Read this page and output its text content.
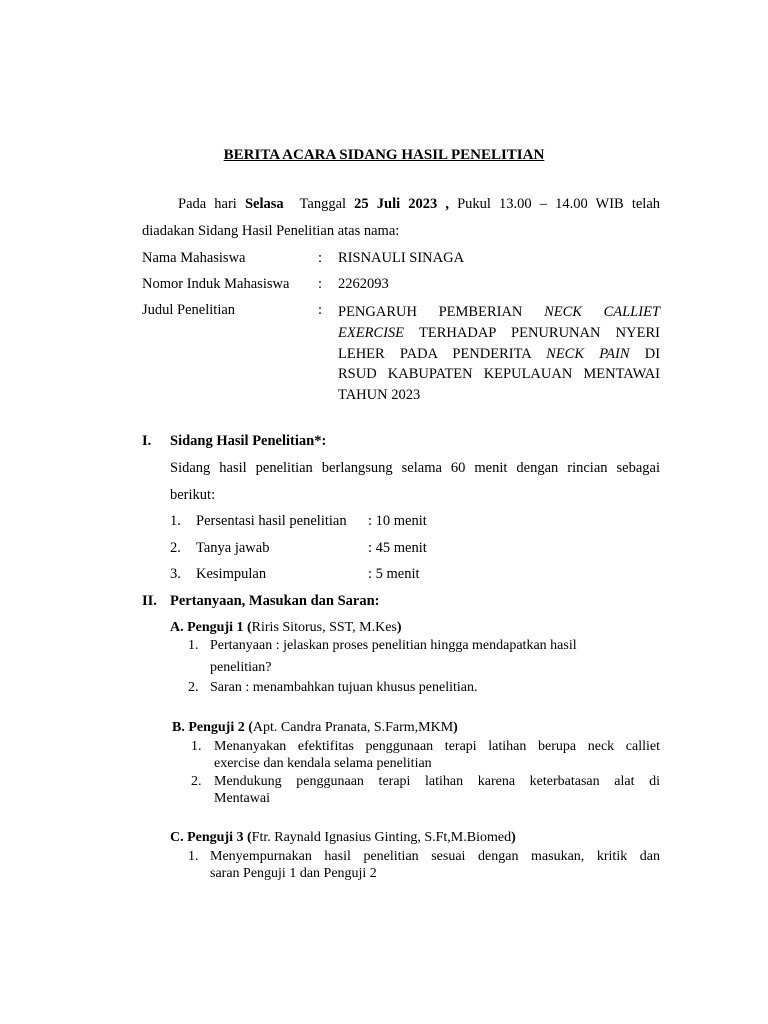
BERITA ACARA SIDANG HASIL PENELITIAN
Pada hari Selasa Tanggal 25 Juli 2023 , Pukul 13.00 – 14.00 WIB telah
diadakan Sidang Hasil Penelitian atas nama:
Nama Mahasiswa	: RISNAULI SINAGA
Nomor Induk Mahasiswa : 2262093
Judul Penelitian	: PENGARUH PEMBERIAN NECK CALLIET
EXERCISE TERHADAP PENURUNAN NYERI
LEHER PADA PENDERITA NECK PAIN DI
RSUD KABUPATEN KEPULAUAN MENTAWAI
TAHUN 2023
I. Sidang Hasil Penelitian*:
Sidang hasil penelitian berlangsung selama 60 menit dengan rincian sebagai
berikut:
1. Persentasi hasil penelitian : 10 menit
2. Tanya jawab	: 45 menit
3. Kesimpulan	: 5 menit
II. Pertanyaan, Masukan dan Saran:
A. Penguji 1 (Riris Sitorus, SST, M.Kes)
1. Pertanyaan : jelaskan proses penelitian hingga mendapatkan hasil
penelitian?
2. Saran : menambahkan tujuan khusus penelitian.
B. Penguji 2 (Apt. Candra Pranata, S.Farm,MKM)
1. Menanyakan efektifitas penggunaan terapi latihan berupa neck calliet
exercise dan kendala selama penelitian
2. Mendukung penggunaan terapi latihan karena keterbatasan alat di
Mentawai
C. Penguji 3 (Ftr. Raynald Ignasius Ginting, S.Ft,M.Biomed)
1. Menyempurnakan hasil penelitian sesuai dengan masukan, kritik dan
saran Penguji 1 dan Penguji 2
